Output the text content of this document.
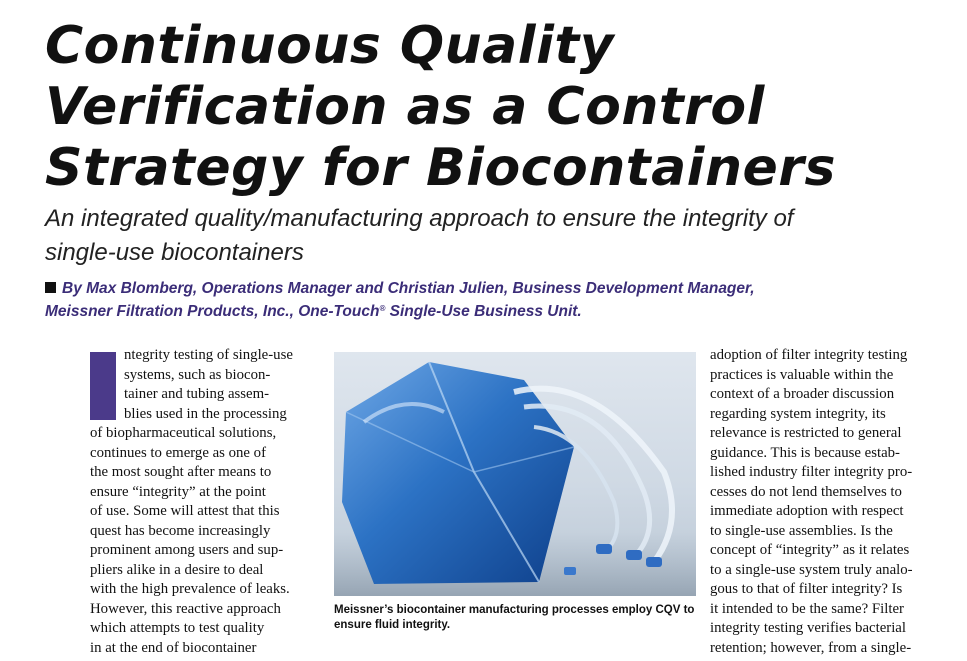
Continuous Quality
Verification as a Control
Strategy for Biocontainers
An integrated quality/manufacturing approach to ensure the integrity of
single-use biocontainers
By Max Blomberg, Operations Manager and Christian Julien, Business Development Manager,
Meissner Filtration Products, Inc., One-Touch® Single-Use Business Unit.
ntegrity testing of single-use
systems, such as biocon-
tainer and tubing assem-
blies used in the processing
of biopharmaceutical solutions,
continues to emerge as one of
the most sought after means to
ensure “integrity” at the point
of use. Some will attest that this
quest has become increasingly
prominent among users and sup-
pliers alike in a desire to deal
with the high prevalence of leaks.
However, this reactive approach
which attempts to test quality
in at the end of biocontainer
Meissner’s biocontainer manufacturing processes employ CQV to
ensure fluid integrity.
adoption of filter integrity testing
practices is valuable within the
context of a broader discussion
regarding system integrity, its
relevance is restricted to general
guidance. This is because estab-
lished industry filter integrity pro-
cesses do not lend themselves to
immediate adoption with respect
to single-use assemblies. Is the
concept of “integrity” as it relates
to a single-use system truly analo-
gous to that of filter integrity? Is
it intended to be the same? Filter
integrity testing verifies bacterial
retention; however, from a single-
